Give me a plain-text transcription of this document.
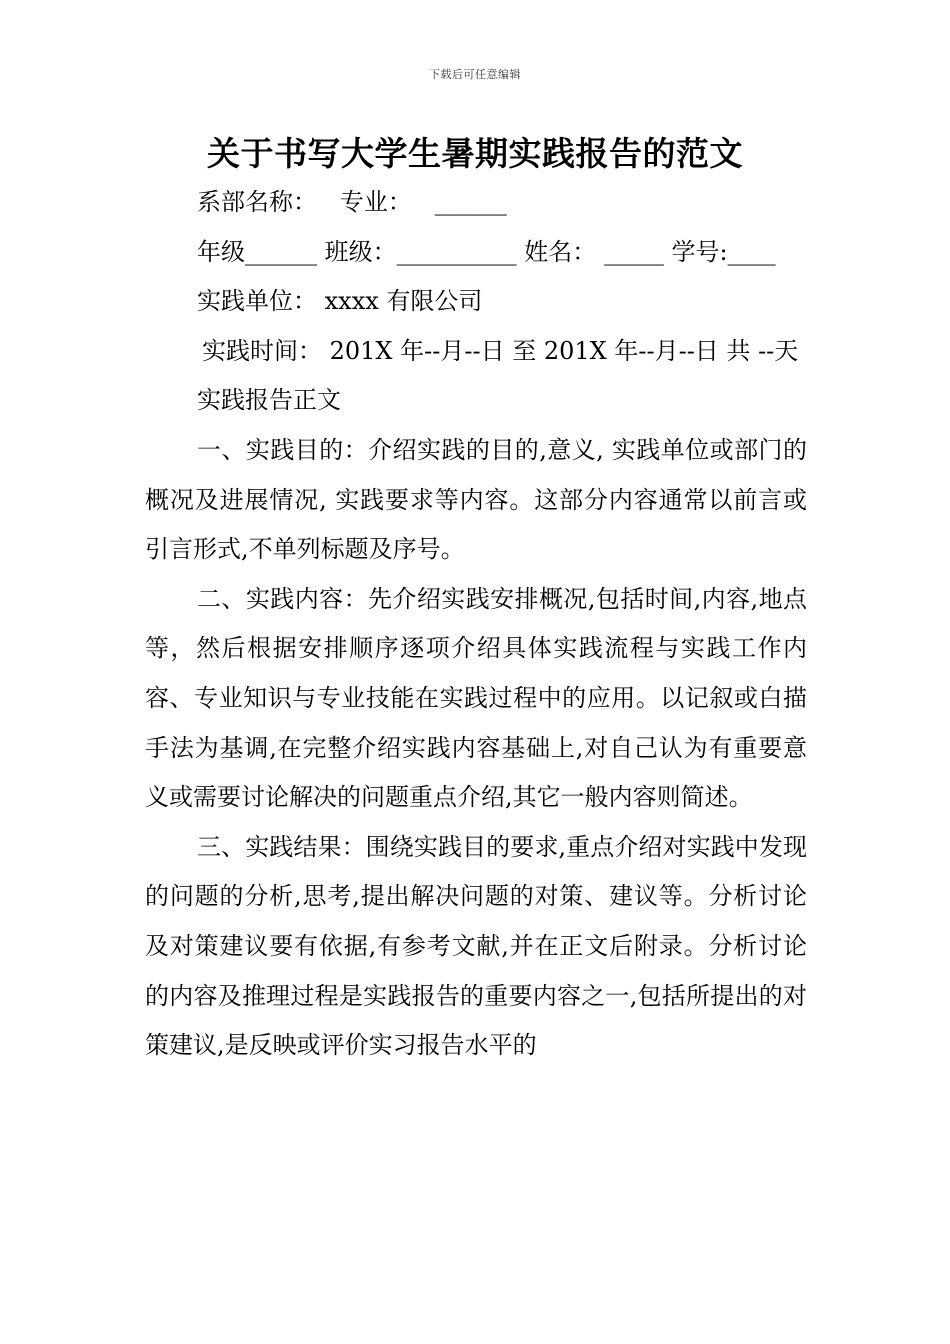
下载后可任意编辑
关于书写大学生暑期实践报告的范文

系部名称：   专业：   ______

年级______ 班级：__________ 姓名： _____ 学号:____

实践单位： xxxx 有限公司

实践时间： 201X 年--月--日 至 201X 年--月--日 共 --天

实践报告正文

一、实践目的：介绍实践的目的,意义, 实践单位或部门的概况及进展情况, 实践要求等内容。这部分内容通常以前言或引言形式,不单列标题及序号。

二、实践内容：先介绍实践安排概况,包括时间,内容,地点等，然后根据安排顺序逐项介绍具体实践流程与实践工作内容、专业知识与专业技能在实践过程中的应用。以记叙或白描手法为基调,在完整介绍实践内容基础上,对自己认为有重要意义或需要讨论解决的问题重点介绍,其它一般内容则简述。

三、实践结果：围绕实践目的要求,重点介绍对实践中发现的问题的分析,思考,提出解决问题的对策、建议等。分析讨论及对策建议要有依据,有参考文献,并在正文后附录。分析讨论的内容及推理过程是实践报告的重要内容之一,包括所提出的对策建议,是反映或评价实习报告水平的
